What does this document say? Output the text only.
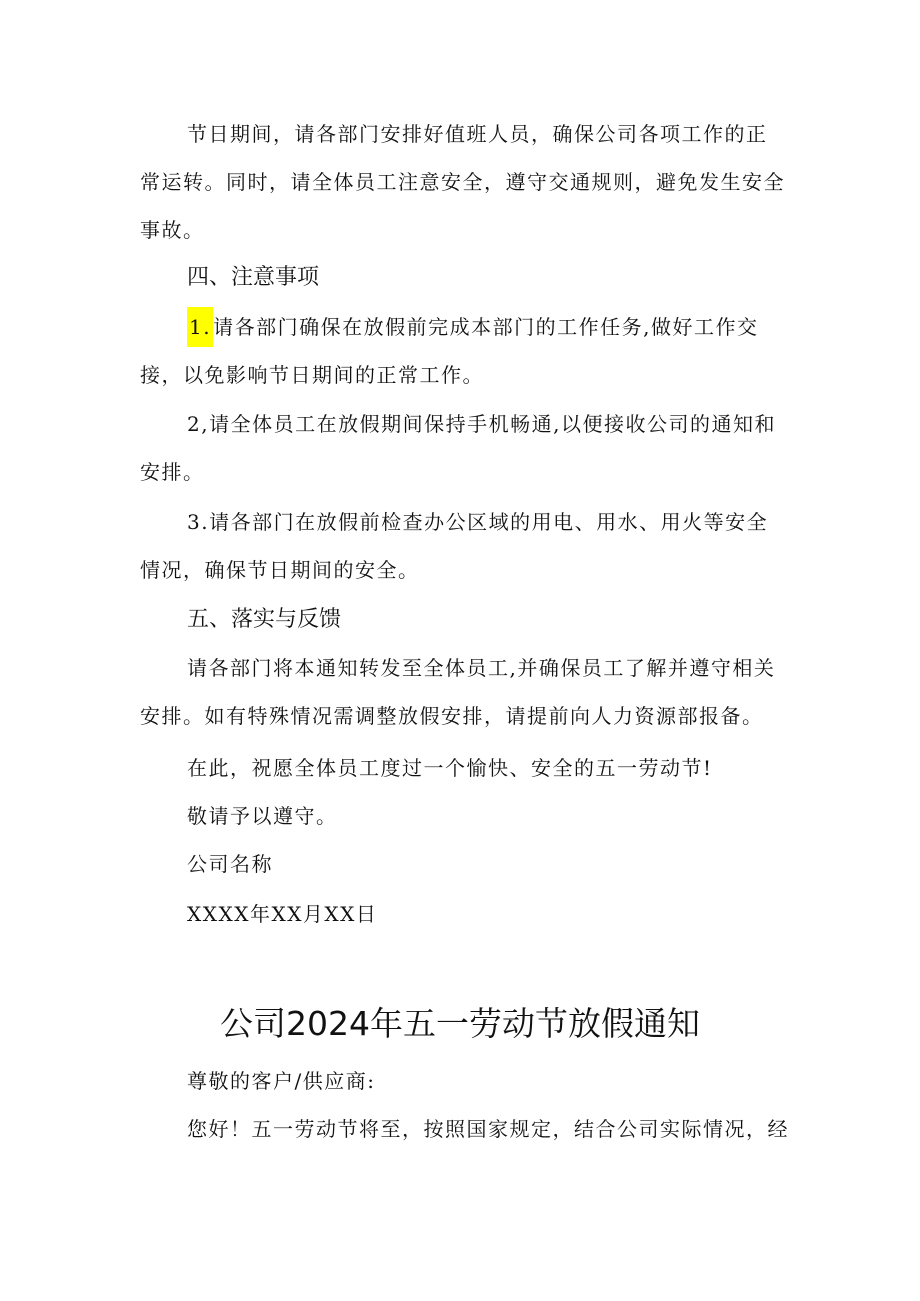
节日期间，请各部门安排好值班人员，确保公司各项工作的正常运转。同时，请全体员工注意安全，遵守交通规则，避免发生安全事故。

四、注意事项

1. 请各部门确保在放假前完成本部门的工作任务,做好工作交接，以免影响节日期间的正常工作。

2,请全体员工在放假期间保持手机畅通,以便接收公司的通知和安排。

3.请各部门在放假前检查办公区域的用电、用水、用火等安全情况，确保节日期间的安全。

五、落实与反馈

请各部门将本通知转发至全体员工,并确保员工了解并遵守相关安排。如有特殊情况需调整放假安排，请提前向人力资源部报备。

在此，祝愿全体员工度过一个愉快、安全的五一劳动节!

敬请予以遵守。

公司名称

XXXX年XX月XX日

公司2024年五一劳动节放假通知

尊敬的客户/供应商:

您好！五一劳动节将至，按照国家规定，结合公司实际情况，经
